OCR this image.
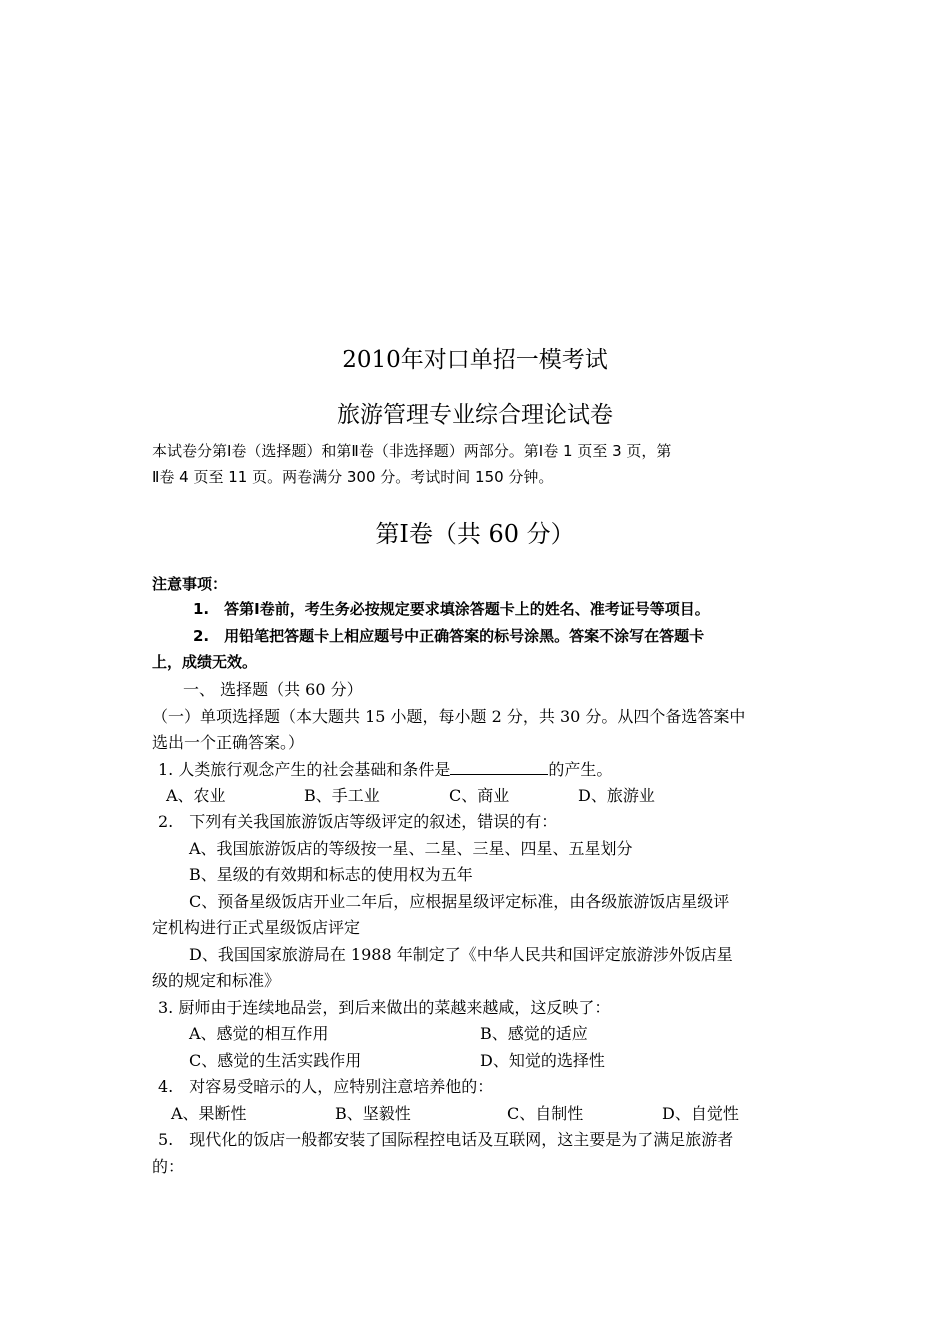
2010年对口单招一模考试
旅游管理专业综合理论试卷
本试卷分第Ⅰ卷（选择题）和第Ⅱ卷（非选择题）两部分。第Ⅰ卷 1 页至 3 页，第
Ⅱ卷 4 页至 11 页。两卷满分 300 分。考试时间 150 分钟。
第Ⅰ卷（共 60 分）
注意事项：
1.　答第Ⅰ卷前，考生务必按规定要求填涂答题卡上的姓名、准考证号等项目。
2.　用铅笔把答题卡上相应题号中正确答案的标号涂黑。答案不涂写在答题卡
上，成绩无效。
一、 选择题（共 60 分）
（一）单项选择题（本大题共 15 小题，每小题 2 分，共 30 分。从四个备选答案中
选出一个正确答案。）
1. 人类旅行观念产生的社会基础和条件是	的产生。
A、农业	B、手工业	C、商业	D、旅游业
2.　下列有关我国旅游饭店等级评定的叙述，错误的有：
A、我国旅游饭店的等级按一星、二星、三星、四星、五星划分
B、星级的有效期和标志的使用权为五年
C、预备星级饭店开业二年后，应根据星级评定标准，由各级旅游饭店星级评
定机构进行正式星级饭店评定
D、我国国家旅游局在 1988 年制定了《中华人民共和国评定旅游涉外饭店星
级的规定和标准》
3. 厨师由于连续地品尝，到后来做出的菜越来越咸，这反映了：
A、感觉的相互作用	B、感觉的适应
C、感觉的生活实践作用	D、知觉的选择性
4.　对容易受暗示的人，应特别注意培养他的：
A、果断性	B、坚毅性	C、自制性	D、自觉性
5.　现代化的饭店一般都安装了国际程控电话及互联网，这主要是为了满足旅游者
的：
